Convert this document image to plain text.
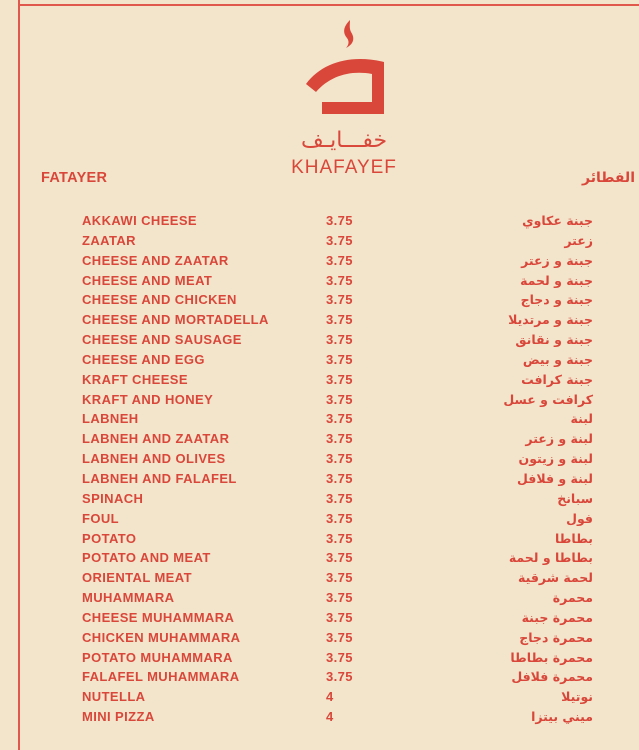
خفـــايـف
KHAFAYEF
FATAYER	الفطائر
AKKAWI CHEESE	3.75	جبنة عكاوي
ZAATAR	3.75	زعتر
CHEESE AND ZAATAR	3.75	جبنة و زعتر
CHEESE AND MEAT	3.75	جبنة و لحمة
CHEESE AND CHICKEN	3.75	جبنة و دجاج
CHEESE AND MORTADELLA	3.75	جبنة و مرتديلا
CHEESE AND SAUSAGE	3.75	جبنة و نقانق
CHEESE AND EGG	3.75	جبنة و بيض
KRAFT CHEESE	3.75	جبنة كرافت
KRAFT AND HONEY	3.75	كرافت و عسل
LABNEH	3.75	لبنة
LABNEH AND ZAATAR	3.75	لبنة و زعتر
LABNEH AND OLIVES	3.75	لبنة و زيتون
LABNEH AND FALAFEL	3.75	لبنة و فلافل
SPINACH	3.75	سبانخ
FOUL	3.75	فول
POTATO	3.75	بطاطا
POTATO AND MEAT	3.75	بطاطا و لحمة
ORIENTAL MEAT	3.75	لحمة شرقية
MUHAMMARA	3.75	محمرة
CHEESE MUHAMMARA	3.75	محمرة جبنة
CHICKEN MUHAMMARA	3.75	محمرة دجاج
POTATO MUHAMMARA	3.75	محمرة بطاطا
FALAFEL MUHAMMARA	3.75	محمرة فلافل
NUTELLA	4	نوتيلا
MINI PIZZA	4	ميني بيتزا
